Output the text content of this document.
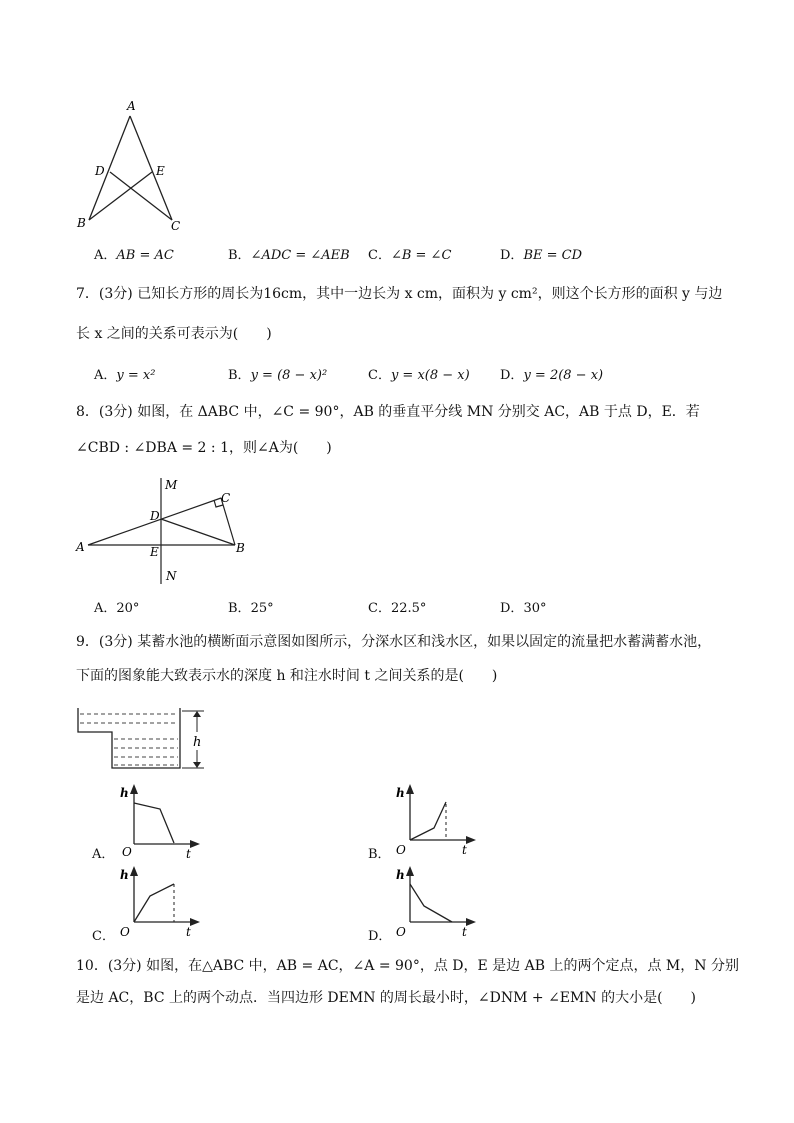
A
B	C
D	E
A．AB = AC	B．∠ADC = ∠AEB C．∠B = ∠C	D．BE = CD
7．(3分) 已知长方形的周长为16cm，其中一边长为 x cm，面积为 y cm²，则这个长方形的面积 y 与边
长 x 之间的关系可表示为(　　)
A．y = x²	B．y = (8 − x)²	C．y = x(8 − x) D．y = 2(8 − x)
8．(3分) 如图，在 ΔABC 中，∠C = 90°，AB 的垂直平分线 MN 分别交 AC，AB 于点 D，E．若
∠CBD : ∠DBA = 2 : 1，则∠A为(　　)
M
C
D
A	E	B
N
A．20°	B．25°	C．22.5°	D．30°
9．(3分) 某蓄水池的横断面示意图如图所示，分深水区和浅水区，如果以固定的流量把水蓄满蓄水池，
下面的图象能大致表示水的深度 h 和注水时间 t 之间关系的是(　　)
h
A．
h
O	t	B．
h
O	t
C．
h
O	t	D．
h
O	t
10．(3分) 如图，在△ABC 中，AB = AC，∠A = 90°，点 D，E 是边 AB 上的两个定点，点 M，N 分别
是边 AC，BC 上的两个动点．当四边形 DEMN 的周长最小时，∠DNM + ∠EMN 的大小是(　　)
